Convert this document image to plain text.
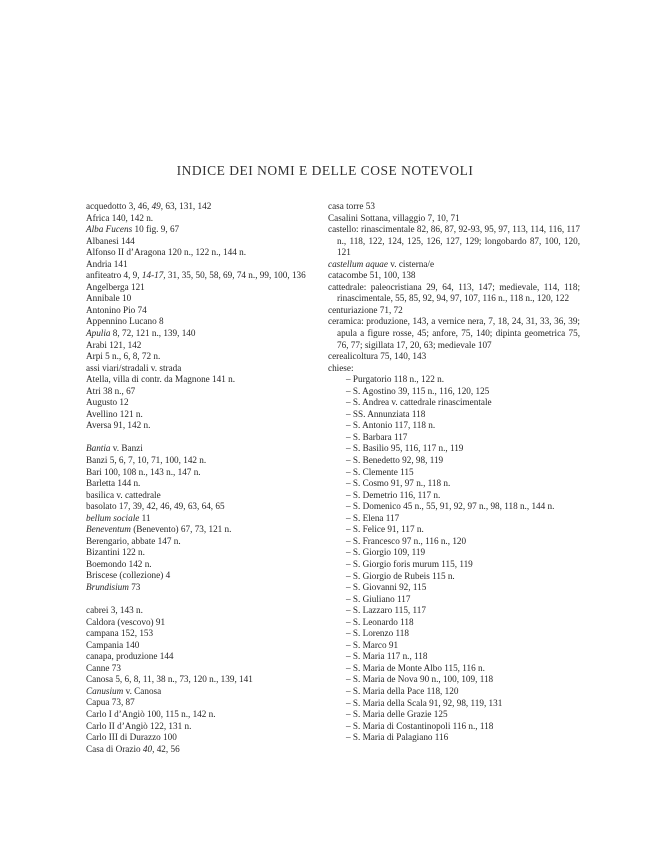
INDICE DEI NOMI E DELLE COSE NOTEVOLI

acquedotto 3, 46, 49, 63, 131, 142

Africa 140, 142 n.

Alba Fucens 10 fig. 9, 67

Albanesi 144

Alfonso II d’Aragona 120 n., 122 n., 144 n.

Andria 141

anfiteatro 4, 9, 14-17, 31, 35, 50, 58, 69, 74 n., 99, 100, 136

Angelberga 121

Annibale 10

Antonino Pio 74

Appennino Lucano 8

Apulia 8, 72, 121 n., 139, 140

Arabi 121, 142

Arpi 5 n., 6, 8, 72 n.

assi viari/stradali v. strada

Atella, villa di contr. da Magnone 141 n.

Atri 38 n., 67

Augusto 12

Avellino 121 n.

Aversa 91, 142 n.

Bantia v. Banzi

Banzi 5, 6, 7, 10, 71, 100, 142 n.

Bari 100, 108 n., 143 n., 147 n.

Barletta 144 n.

basilica v. cattedrale

basolato 17, 39, 42, 46, 49, 63, 64, 65

bellum sociale 11

Beneventum (Benevento) 67, 73, 121 n.

Berengario, abbate 147 n.

Bizantini 122 n.

Boemondo 142 n.

Briscese (collezione) 4

Brundisium 73

cabrei 3, 143 n.

Caldora (vescovo) 91

campana 152, 153

Campania 140

canapa, produzione 144

Canne 73

Canosa 5, 6, 8, 11, 38 n., 73, 120 n., 139, 141

Canusium v. Canosa

Capua 73, 87

Carlo I d’Angiò 100, 115 n., 142 n.

Carlo II d’Angiò 122, 131 n.

Carlo III di Durazzo 100

Casa di Orazio 40, 42, 56

casa torre 53

Casalini Sottana, villaggio 7, 10, 71

castello: rinascimentale 82, 86, 87, 92-93, 95, 97, 113, 114, 116, 117 n., 118, 122, 124, 125, 126, 127, 129; longobardo 87, 100, 120, 121

castellum aquae v. cisterna/e

catacombe 51, 100, 138

cattedrale: paleocristiana 29, 64, 113, 147; medievale, 114, 118; rinascimentale, 55, 85, 92, 94, 97, 107, 116 n., 118 n., 120, 122

centuriazione 71, 72

ceramica: produzione, 143, a vernice nera, 7, 18, 24, 31, 33, 36, 39; apula a figure rosse, 45; anfore, 75, 140; dipinta geometrica 75, 76, 77; sigillata 17, 20, 63; medievale 107

cerealicoltura 75, 140, 143

chiese:

– Purgatorio 118 n., 122 n.

– S. Agostino 39, 115 n., 116, 120, 125

– S. Andrea v. cattedrale rinascimentale

– SS. Annunziata 118

– S. Antonio 117, 118 n.

– S. Barbara 117

– S. Basilio 95, 116, 117 n., 119

– S. Benedetto 92, 98, 119

– S. Clemente 115

– S. Cosmo 91, 97 n., 118 n.

– S. Demetrio 116, 117 n.

– S. Domenico 45 n., 55, 91, 92, 97 n., 98, 118 n., 144 n.

– S. Elena 117

– S. Felice 91, 117 n.

– S. Francesco 97 n., 116 n., 120

– S. Giorgio 109, 119

– S. Giorgio foris murum 115, 119

– S. Giorgio de Rubeis 115 n.

– S. Giovanni 92, 115

– S. Giuliano 117

– S. Lazzaro 115, 117

– S. Leonardo 118

– S. Lorenzo 118

– S. Marco 91

– S. Maria 117 n., 118

– S. Maria de Monte Albo 115, 116 n.

– S. Maria de Nova 90 n., 100, 109, 118

– S. Maria della Pace 118, 120

– S. Maria della Scala 91, 92, 98, 119, 131

– S. Maria delle Grazie 125

– S. Maria di Costantinopoli 116 n., 118

– S. Maria di Palagiano 116
